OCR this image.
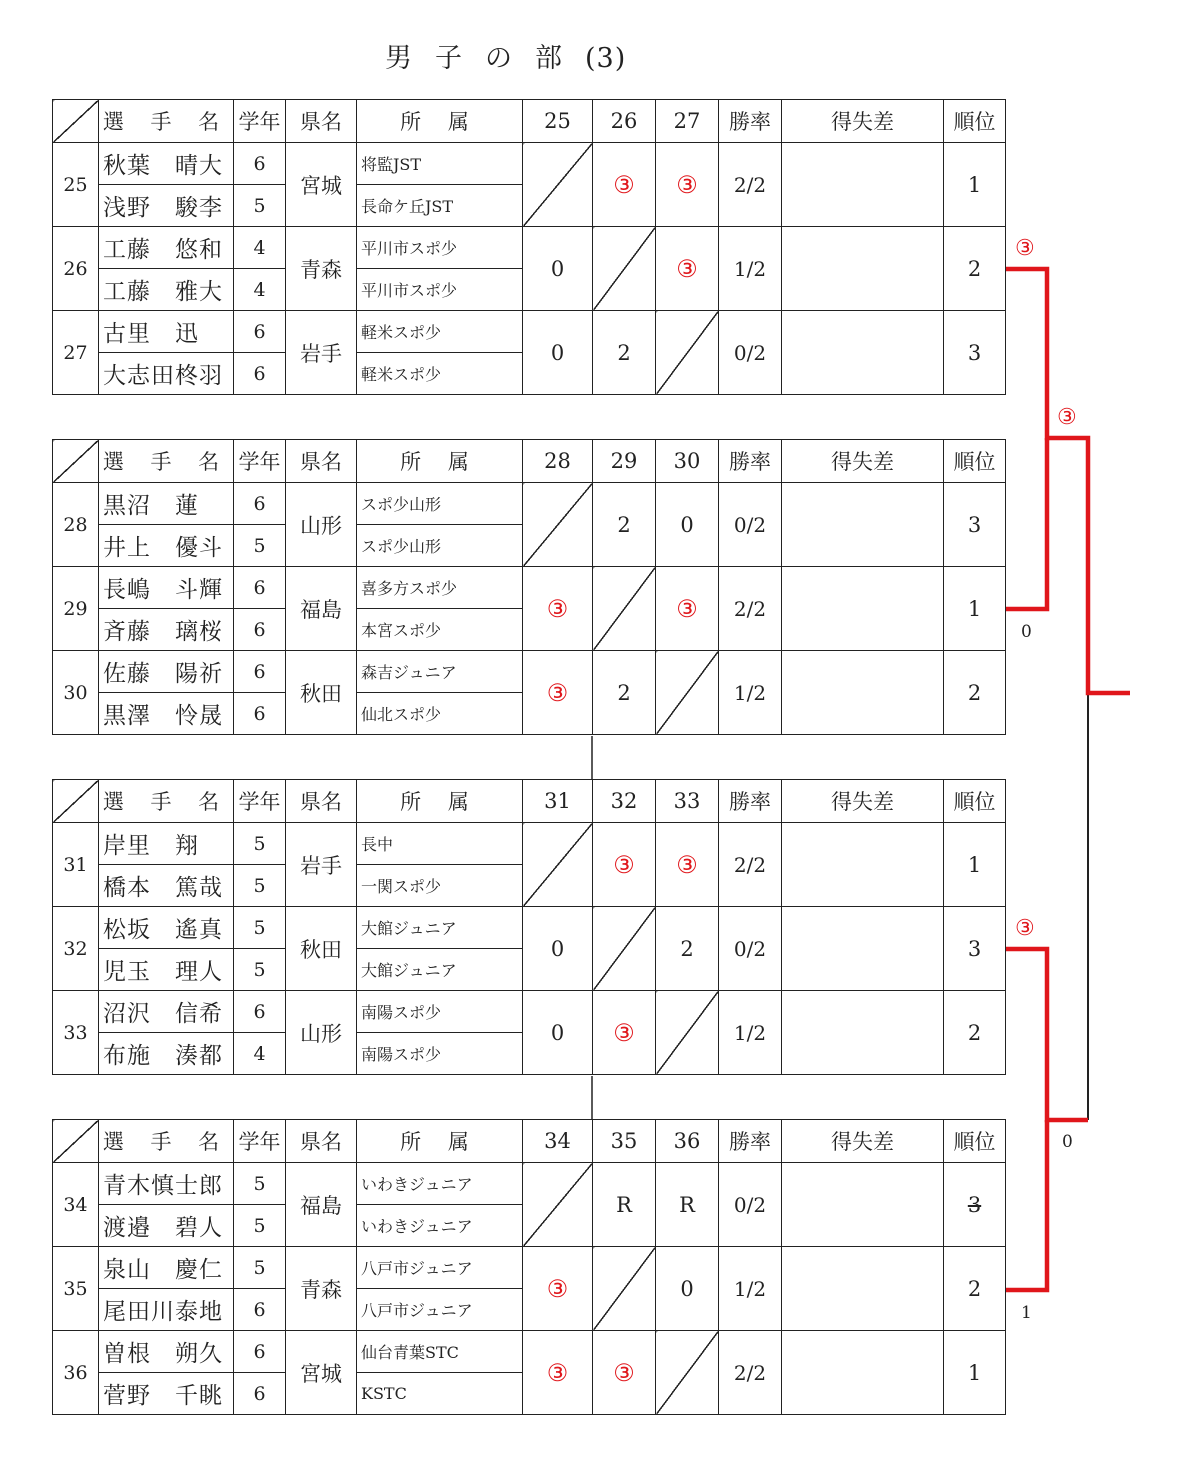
男 子 の 部 (3)
	選 手 名	学年	県名	所 属	25	26	27	勝率	得失差	順位
25	秋葉　晴大	6	宮城	将監JST		③	③	2/2		1
	浅野　駿李	5		長命ケ丘JST						
26	工藤　悠和	4	青森	平川市スポ少	0		③	1/2		2
	工藤　雅大	4		平川市スポ少						
27	古里　迅	6	岩手	軽米スポ少	0	2		0/2		3
	大志田柊羽	6		軽米スポ少						
	選 手 名	学年	県名	所 属	28	29	30	勝率	得失差	順位
28	黒沼　蓮	6	山形	スポ少山形		2	0	0/2		3
	井上　優斗	5		スポ少山形						
29	長嶋　斗輝	6	福島	喜多方スポ少	③		③	2/2		1
	斉藤　璃桜	6		本宮スポ少						
30	佐藤　陽祈	6	秋田	森吉ジュニア	③	2		1/2		2
	黒澤　怜晟	6		仙北スポ少						
	選 手 名	学年	県名	所 属	31	32	33	勝率	得失差	順位
31	岸里　翔	5	岩手	長中		③	③	2/2		1
	橋本　篤哉	5		一関スポ少						
32	松坂　遙真	5	秋田	大館ジュニア	0		2	0/2		3
	児玉　理人	5		大館ジュニア						
33	沼沢　信希	6	山形	南陽スポ少	0	③		1/2		2
	布施　湊都	4		南陽スポ少						
	選 手 名	学年	県名	所 属	34	35	36	勝率	得失差	順位
34	青木慎士郎	5	福島	いわきジュニア		R	R	0/2		3
	渡邉　碧人	5		いわきジュニア						
35	泉山　慶仁	5	青森	八戸市ジュニア	③		0	1/2		2
	尾田川泰地	6		八戸市ジュニア						
36	曽根　朔久	6	宮城	仙台青葉STC	③	③		2/2		1
	菅野　千眺	6		KSTC						
③
③
0
③
0
1
